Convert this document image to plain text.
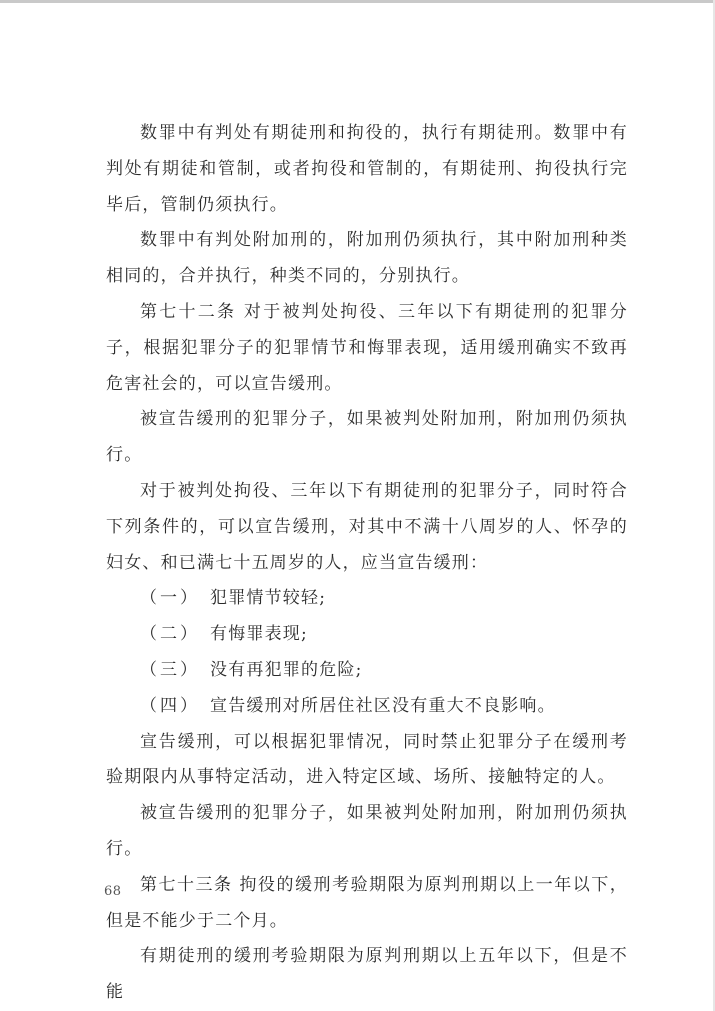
数罪中有判处有期徒刑和拘役的，执行有期徒刑。数罪中有判处有期徒和管制，或者拘役和管制的，有期徒刑、拘役执行完毕后，管制仍须执行。

数罪中有判处附加刑的，附加刑仍须执行，其中附加刑种类相同的，合并执行，种类不同的，分别执行。

第七十二条 对于被判处拘役、三年以下有期徒刑的犯罪分子，根据犯罪分子的犯罪情节和悔罪表现，适用缓刑确实不致再危害社会的，可以宣告缓刑。

被宣告缓刑的犯罪分子，如果被判处附加刑，附加刑仍须执行。

对于被判处拘役、三年以下有期徒刑的犯罪分子，同时符合下列条件的，可以宣告缓刑，对其中不满十八周岁的人、怀孕的妇女、和已满七十五周岁的人，应当宣告缓刑：

（一） 犯罪情节较轻;

（二） 有悔罪表现;

（三） 没有再犯罪的危险;

（四） 宣告缓刑对所居住社区没有重大不良影响。

宣告缓刑，可以根据犯罪情况，同时禁止犯罪分子在缓刑考验期限内从事特定活动，进入特定区域、场所、接触特定的人。

被宣告缓刑的犯罪分子，如果被判处附加刑，附加刑仍须执行。

第七十三条 拘役的缓刑考验期限为原判刑期以上一年以下，但是不能少于二个月。

有期徒刑的缓刑考验期限为原判刑期以上五年以下，但是不能

68
